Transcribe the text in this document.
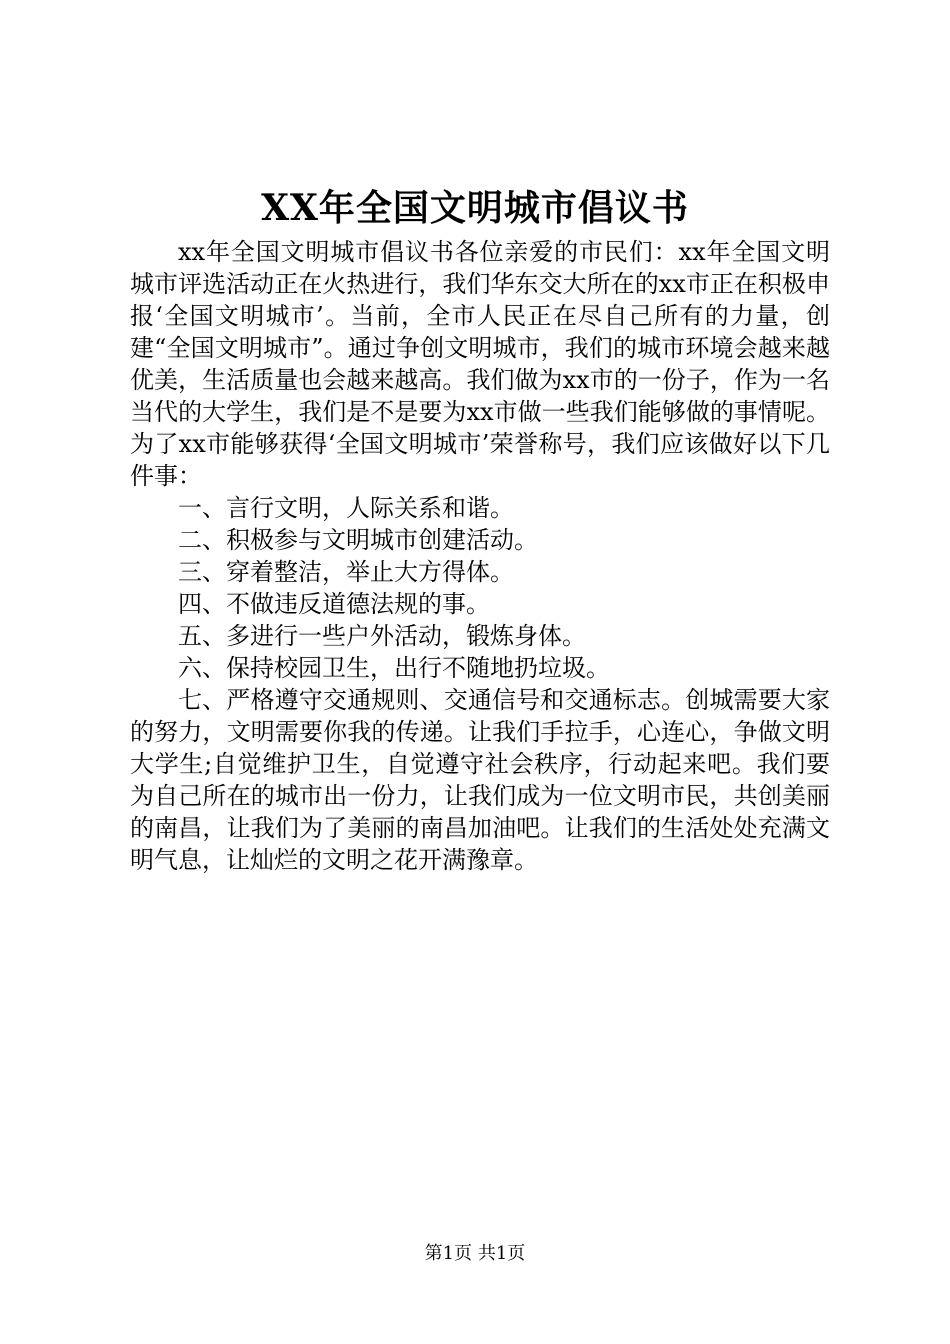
XX年全国文明城市倡议书

xx年全国文明城市倡议书各位亲爱的市民们：xx年全国文明城市评选活动正在火热进行，我们华东交大所在的xx市正在积极申报‘全国文明城市’。当前，全市人民正在尽自己所有的力量，创建“全国文明城市”。通过争创文明城市，我们的城市环境会越来越优美，生活质量也会越来越高。我们做为xx市的一份子，作为一名当代的大学生，我们是不是要为xx市做一些我们能够做的事情呢。为了xx市能够获得‘全国文明城市’荣誉称号，我们应该做好以下几件事：

一、言行文明，人际关系和谐。

二、积极参与文明城市创建活动。

三、穿着整洁，举止大方得体。

四、不做违反道德法规的事。

五、多进行一些户外活动，锻炼身体。

六、保持校园卫生，出行不随地扔垃圾。

七、严格遵守交通规则、交通信号和交通标志。创城需要大家的努力，文明需要你我的传递。让我们手拉手，心连心，争做文明大学生;自觉维护卫生，自觉遵守社会秩序，行动起来吧。我们要为自己所在的城市出一份力，让我们成为一位文明市民，共创美丽的南昌，让我们为了美丽的南昌加油吧。让我们的生活处处充满文明气息，让灿烂的文明之花开满豫章。

第1页 共1页
